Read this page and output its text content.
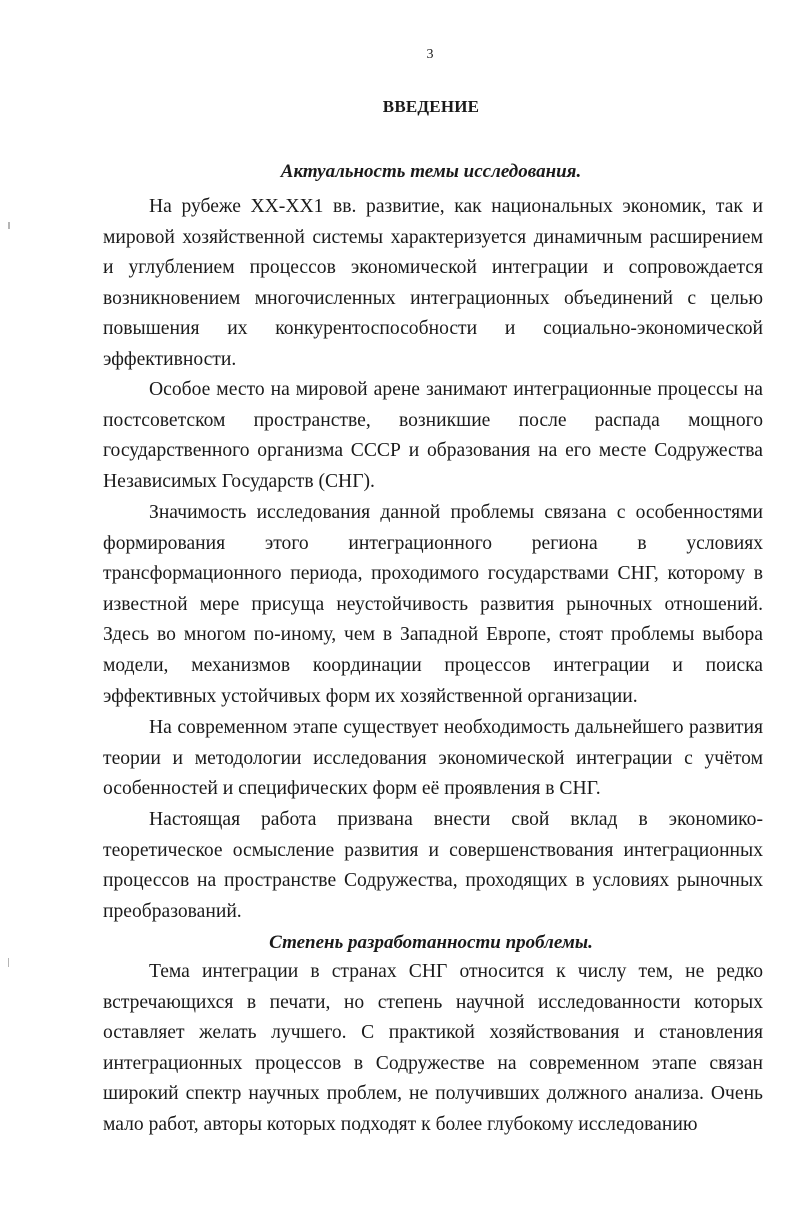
3
ВВЕДЕНИЕ
Актуальность темы исследования.

На рубеже XX-XX1 вв. развитие, как национальных экономик, так и мировой хозяйственной системы характеризуется динамичным расширением и углублением процессов экономической интеграции и сопровождается возникновением многочисленных интеграционных объединений с целью повышения их конкурентоспособности и социально-экономической эффективности.

Особое место на мировой арене занимают интеграционные процессы на постсоветском пространстве, возникшие после распада мощного государственного организма СССР и образования на его месте Содружества Независимых Государств (СНГ).

Значимость исследования данной проблемы связана с особенностями формирования этого интеграционного региона в условиях трансформационного периода, проходимого государствами СНГ, которому в известной мере присуща неустойчивость развития рыночных отношений. Здесь во многом по-иному, чем в Западной Европе, стоят проблемы выбора модели, механизмов координации процессов интеграции и поиска эффективных устойчивых форм их хозяйственной организации.

На современном этапе существует необходимость дальнейшего развития теории и методологии исследования экономической интеграции с учётом особенностей и специфических форм её проявления в СНГ.

Настоящая работа призвана внести свой вклад в экономико-теоретическое осмысление развития и совершенствования интеграционных процессов на пространстве Содружества, проходящих в условиях рыночных преобразований.

Степень разработанности проблемы.

Тема интеграции в странах СНГ относится к числу тем, не редко встречающихся в печати, но степень научной исследованности которых оставляет желать лучшего. С практикой хозяйствования и становления интеграционных процессов в Содружестве на современном этапе связан широкий спектр научных проблем, не получивших должного анализа. Очень мало работ, авторы которых подходят к более глубокому исследованию
